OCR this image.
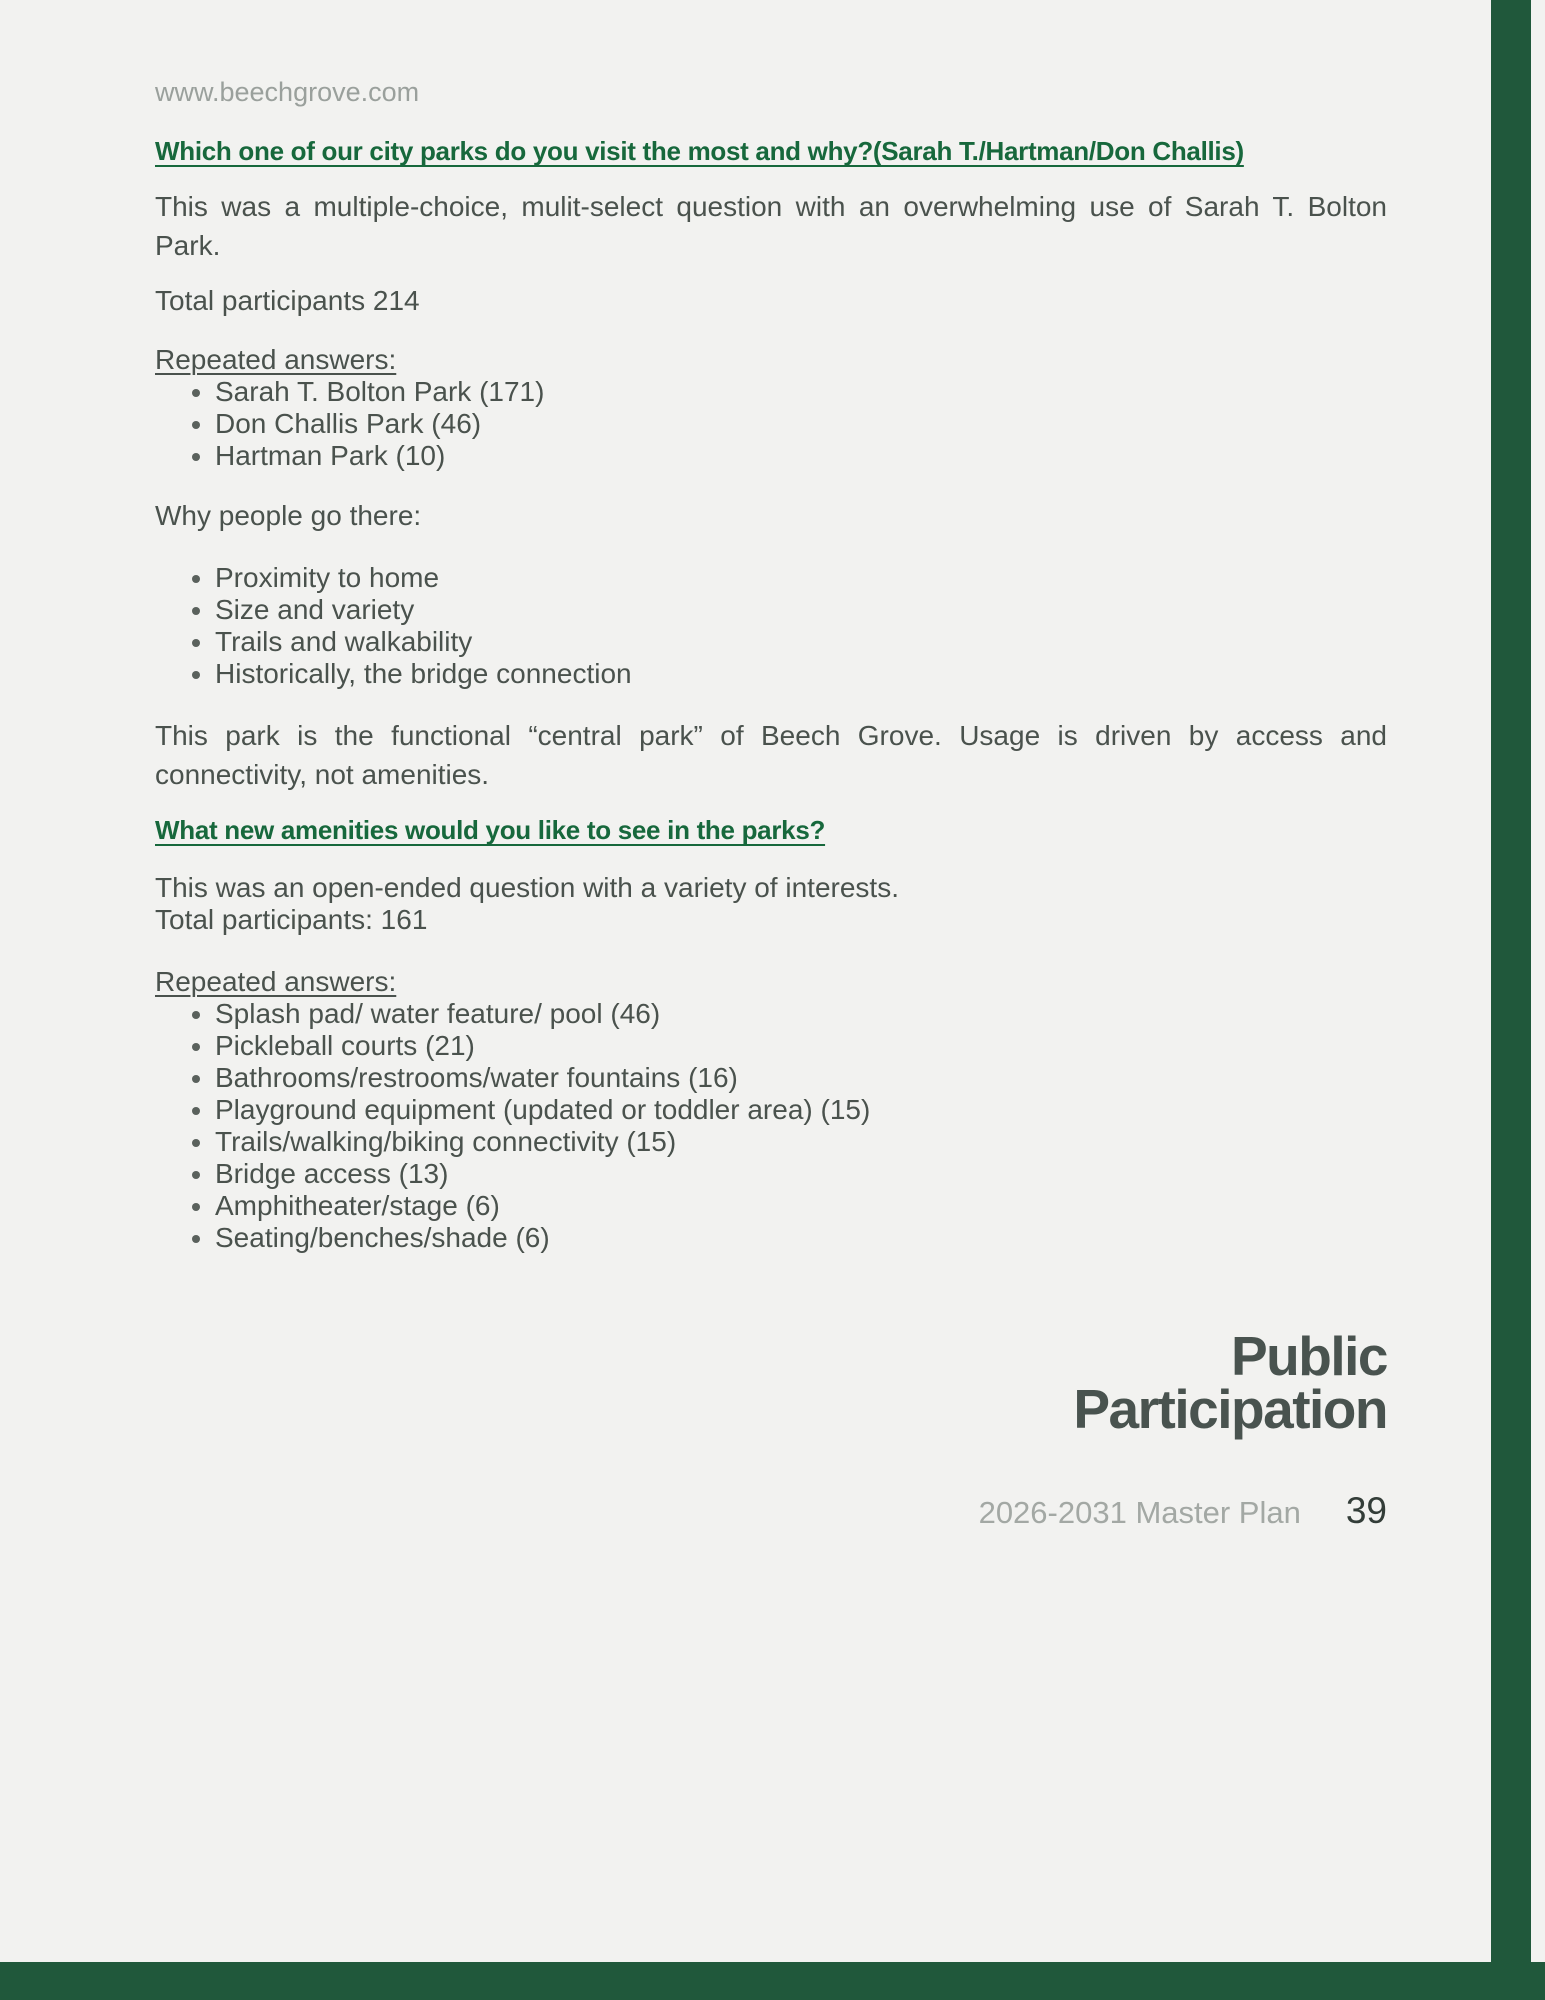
www.beechgrove.com
Which one of our city parks do you visit the most and why?(Sarah T./Hartman/Don Challis)

This was a multiple-choice, mulit-select question with an overwhelming use of Sarah T. Bolton Park.

Total participants 214

Repeated answers:

• Sarah T. Bolton Park (171)
• Don Challis Park (46)
• Hartman Park (10)

Why people go there:

• Proximity to home
• Size and variety
• Trails and walkability
• Historically, the bridge connection

This park is the functional “central park” of Beech Grove. Usage is driven by access and connectivity, not amenities.

What new amenities would you like to see in the parks?
This was an open-ended question with a variety of interests.
Total participants: 161

Repeated answers:

• Splash pad/ water feature/ pool (46)
• Pickleball courts (21)
• Bathrooms/restrooms/water fountains (16)
• Playground equipment (updated or toddler area) (15)
• Trails/walking/biking connectivity (15)
• Bridge access (13)
• Amphitheater/stage (6)
• Seating/benches/shade (6)
Public
Participation
2026-2031 Master Plan 39
